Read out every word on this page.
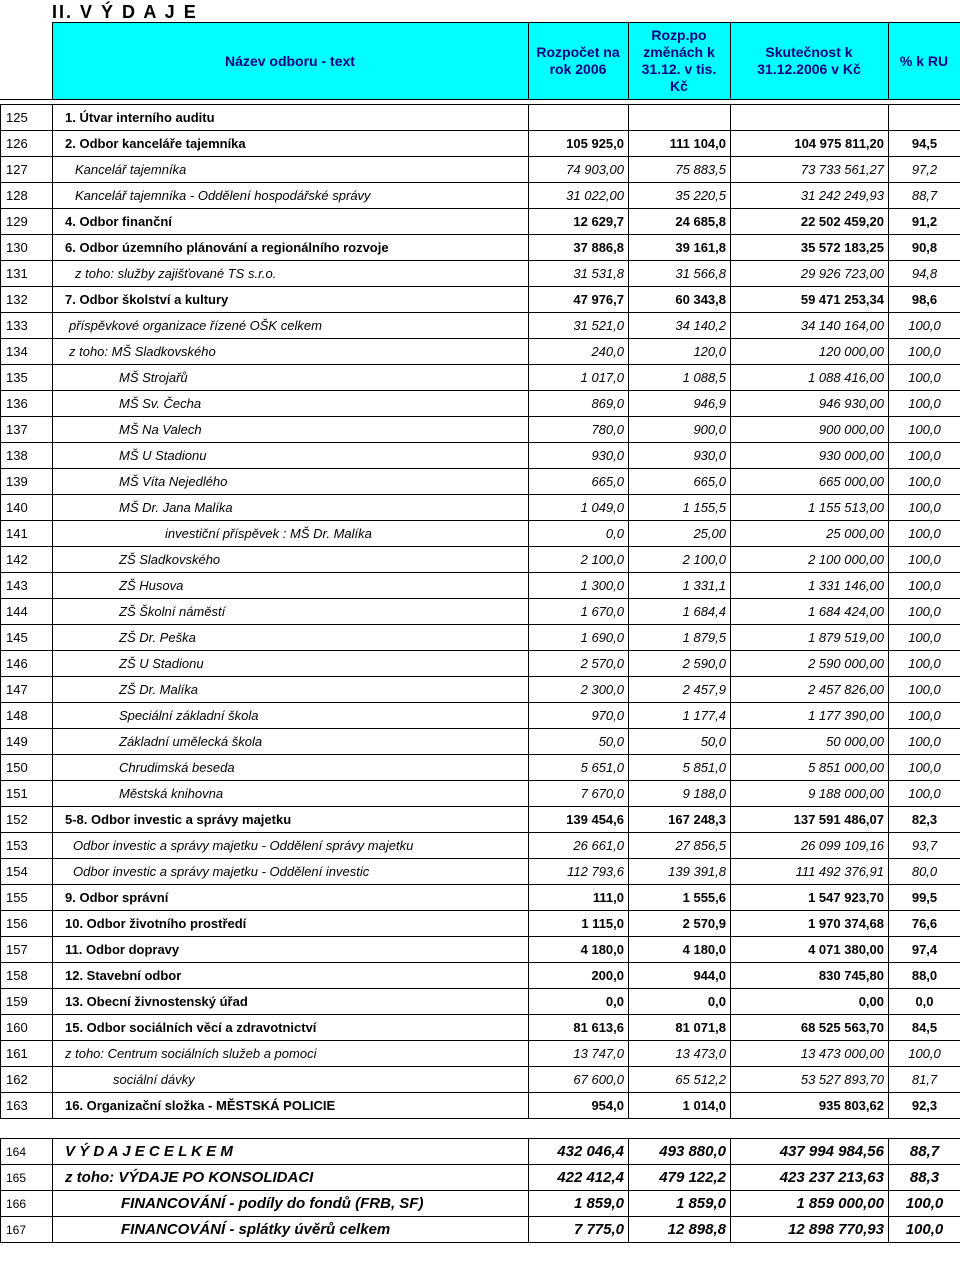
II. V Ý D A J E
	Název odboru - text	Rozpočet na rok 2006	Rozp.po změnách k 31.12. v tis. Kč	Skutečnost k 31.12.2006 v Kč	% k RU
125	1. Útvar interního auditu				
126	2. Odbor kanceláře tajemníka	105 925,0	111 104,0	104 975 811,20	94,5
127	Kancelář tajemníka	74 903,00	75 883,5	73 733 561,27	97,2
128	Kancelář tajemníka - Oddělení hospodářské správy	31 022,00	35 220,5	31 242 249,93	88,7
129	4. Odbor finanční	12 629,7	24 685,8	22 502 459,20	91,2
130	6. Odbor územního plánování a regionálního rozvoje	37 886,8	39 161,8	35 572 183,25	90,8
131	z toho: služby zajišťované TS s.r.o.	31 531,8	31 566,8	29 926 723,00	94,8
132	7. Odbor školství a kultury	47 976,7	60 343,8	59 471 253,34	98,6
133	příspěvkové organizace řízené OŠK celkem	31 521,0	34 140,2	34 140 164,00	100,0
134	z toho: MŠ Sladkovského	240,0	120,0	120 000,00	100,0
135	MŠ Strojařů	1 017,0	1 088,5	1 088 416,00	100,0
136	MŠ Sv. Čecha	869,0	946,9	946 930,00	100,0
137	MŠ Na Valech	780,0	900,0	900 000,00	100,0
138	MŠ U Stadionu	930,0	930,0	930 000,00	100,0
139	MŠ Víta Nejedlého	665,0	665,0	665 000,00	100,0
140	MŠ Dr. Jana Malíka	1 049,0	1 155,5	1 155 513,00	100,0
141	investiční příspěvek : MŠ Dr. Malíka	0,0	25,00	25 000,00	100,0
142	ZŠ Sladkovského	2 100,0	2 100,0	2 100 000,00	100,0
143	ZŠ Husova	1 300,0	1 331,1	1 331 146,00	100,0
144	ZŠ Školní náměstí	1 670,0	1 684,4	1 684 424,00	100,0
145	ZŠ Dr. Peška	1 690,0	1 879,5	1 879 519,00	100,0
146	ZŠ U Stadionu	2 570,0	2 590,0	2 590 000,00	100,0
147	ZŠ Dr. Malíka	2 300,0	2 457,9	2 457 826,00	100,0
148	Speciální základní škola	970,0	1 177,4	1 177 390,00	100,0
149	Základní umělecká škola	50,0	50,0	50 000,00	100,0
150	Chrudimská beseda	5 651,0	5 851,0	5 851 000,00	100,0
151	Městská knihovna	7 670,0	9 188,0	9 188 000,00	100,0
152	5-8. Odbor investic a správy majetku	139 454,6	167 248,3	137 591 486,07	82,3
153	Odbor investic a správy majetku - Oddělení správy majetku	26 661,0	27 856,5	26 099 109,16	93,7
154	Odbor investic a správy majetku - Oddělení investic	112 793,6	139 391,8	111 492 376,91	80,0
155	9. Odbor správní	111,0	1 555,6	1 547 923,70	99,5
156	10. Odbor životního prostředí	1 115,0	2 570,9	1 970 374,68	76,6
157	11. Odbor dopravy	4 180,0	4 180,0	4 071 380,00	97,4
158	12. Stavební odbor	200,0	944,0	830 745,80	88,0
159	13. Obecní živnostenský úřad	0,0	0,0	0,00	0,0
160	15. Odbor sociálních věcí a zdravotnictví	81 613,6	81 071,8	68 525 563,70	84,5
161	z toho: Centrum sociálních služeb a pomoci	13 747,0	13 473,0	13 473 000,00	100,0
162	sociální dávky	67 600,0	65 512,2	53 527 893,70	81,7
163	16. Organizační složka - MĚSTSKÁ POLICIE	954,0	1 014,0	935 803,62	92,3
164	V Ý D A J E C E L K E M	432 046,4	493 880,0	437 994 984,56	88,7
165	z toho: VÝDAJE PO KONSOLIDACI	422 412,4	479 122,2	423 237 213,63	88,3
166	FINANCOVÁNÍ - podíly do fondů (FRB, SF)	1 859,0	1 859,0	1 859 000,00	100,0
167	FINANCOVÁNÍ - splátky úvěrů celkem	7 775,0	12 898,8	12 898 770,93	100,0
